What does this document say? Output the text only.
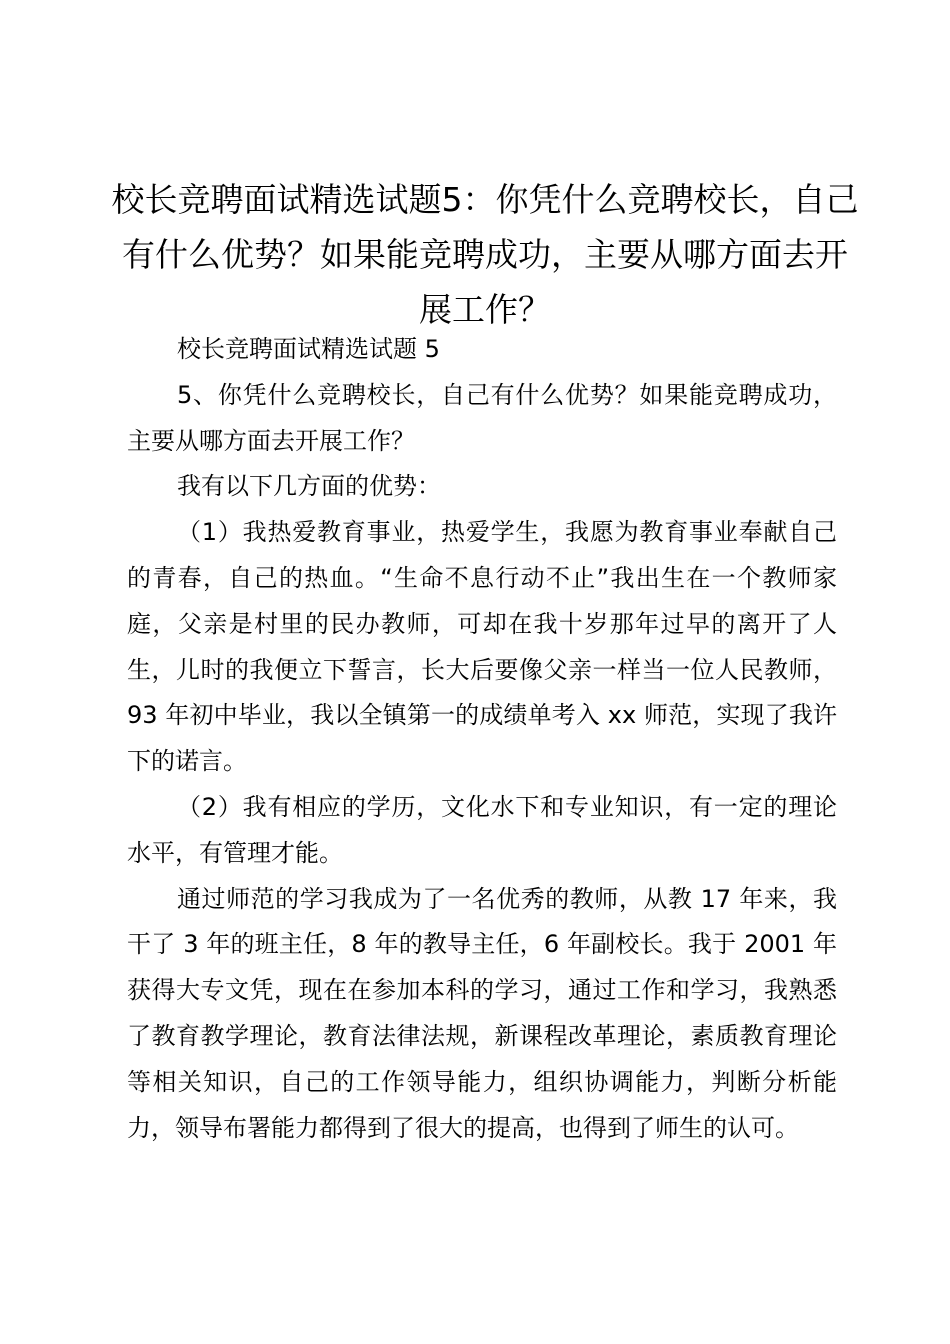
校长竞聘面试精选试题5：你凭什么竞聘校长，自己有什么优势？如果能竞聘成功，主要从哪方面去开展工作？

校长竞聘面试精选试题 5

5、你凭什么竞聘校长，自己有什么优势？如果能竞聘成功，主要从哪方面去开展工作？

我有以下几方面的优势：

（1）我热爱教育事业，热爱学生，我愿为教育事业奉献自己的青春，自己的热血。“生命不息行动不止”我出生在一个教师家庭，父亲是村里的民办教师，可却在我十岁那年过早的离开了人生，儿时的我便立下誓言，长大后要像父亲一样当一位人民教师，93 年初中毕业，我以全镇第一的成绩单考入 xx 师范，实现了我许下的诺言。

（2）我有相应的学历，文化水下和专业知识，有一定的理论水平，有管理才能。

通过师范的学习我成为了一名优秀的教师，从教 17 年来，我干了 3 年的班主任，8 年的教导主任，6 年副校长。我于 2001 年获得大专文凭，现在在参加本科的学习，通过工作和学习，我熟悉了教育教学理论，教育法律法规，新课程改革理论，素质教育理论等相关知识，自己的工作领导能力，组织协调能力，判断分析能力，领导布署能力都得到了很大的提高，也得到了师生的认可。
